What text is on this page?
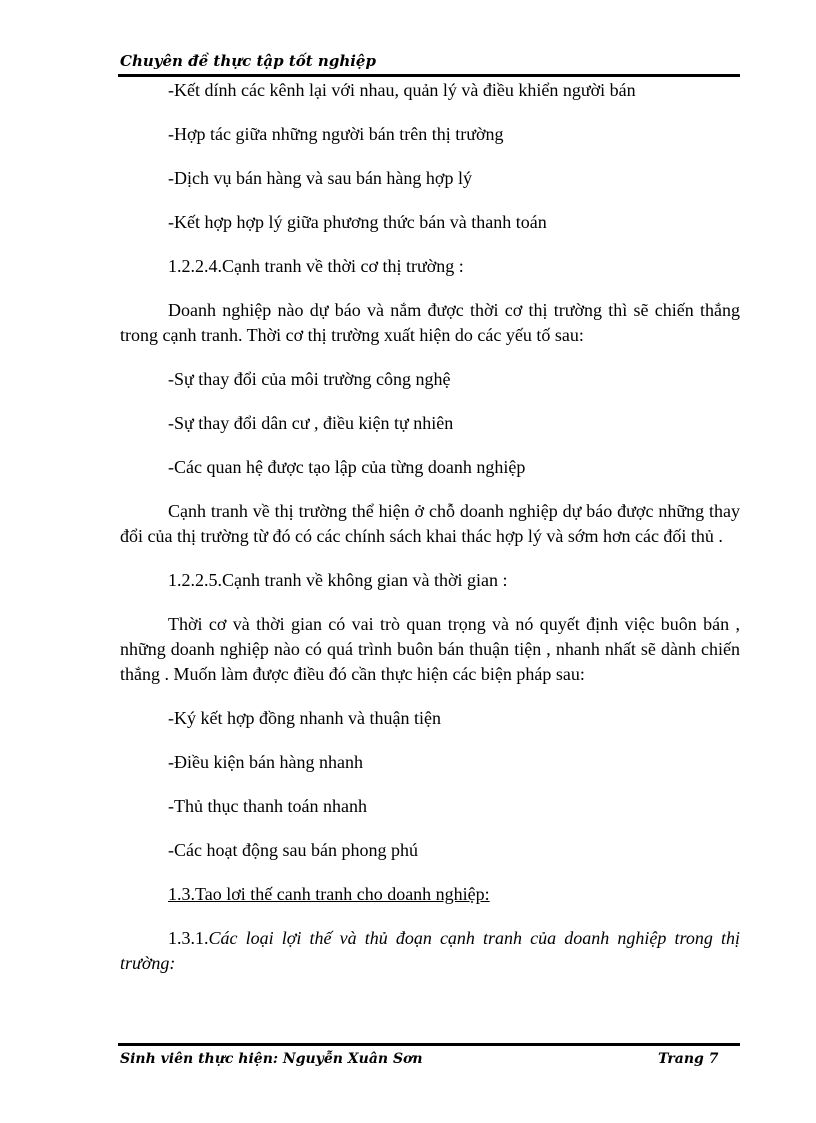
Chuyên đề thực tập tốt nghiệp

-Kết dính các kênh lại với nhau, quản lý và điều khiển người bán

-Hợp tác giữa những người bán trên thị trường

-Dịch vụ bán hàng và sau bán hàng hợp lý

-Kết hợp hợp lý giữa phương thức bán và thanh toán

1.2.2.4.Cạnh tranh về thời cơ thị trường :

Doanh nghiệp nào dự báo và nắm được thời cơ thị trường thì sẽ chiến thắng trong cạnh tranh. Thời cơ thị trường xuất hiện do các yếu tố sau:

-Sự thay đổi của môi trường công nghệ

-Sự thay đổi dân cư , điều kiện tự nhiên

-Các quan hệ được tạo lập của từng doanh nghiệp

Cạnh tranh về thị trường thể hiện ở chỗ doanh nghiệp dự báo được những thay đổi của thị trường từ đó có các chính sách khai thác hợp lý và sớm hơn các đối thủ .

1.2.2.5.Cạnh tranh về không gian và thời gian :

Thời cơ và thời gian có vai trò quan trọng và nó quyết định việc buôn bán , những doanh nghiệp nào có quá trình buôn bán thuận tiện , nhanh nhất sẽ dành chiến thắng . Muốn làm được điều đó cần thực hiện các biện pháp sau:

-Ký kết hợp đồng nhanh và thuận tiện

-Điều kiện bán hàng nhanh

-Thủ thục thanh toán nhanh

-Các hoạt động sau bán phong phú

1.3.Tao lơi thế canh tranh cho doanh nghiệp:

1.3.1.Các loại lợi thế và thủ đoạn cạnh tranh của doanh nghiệp trong thị trường:

Sinh viên thực hiện: Nguyễn Xuân Sơn	Trang 7
